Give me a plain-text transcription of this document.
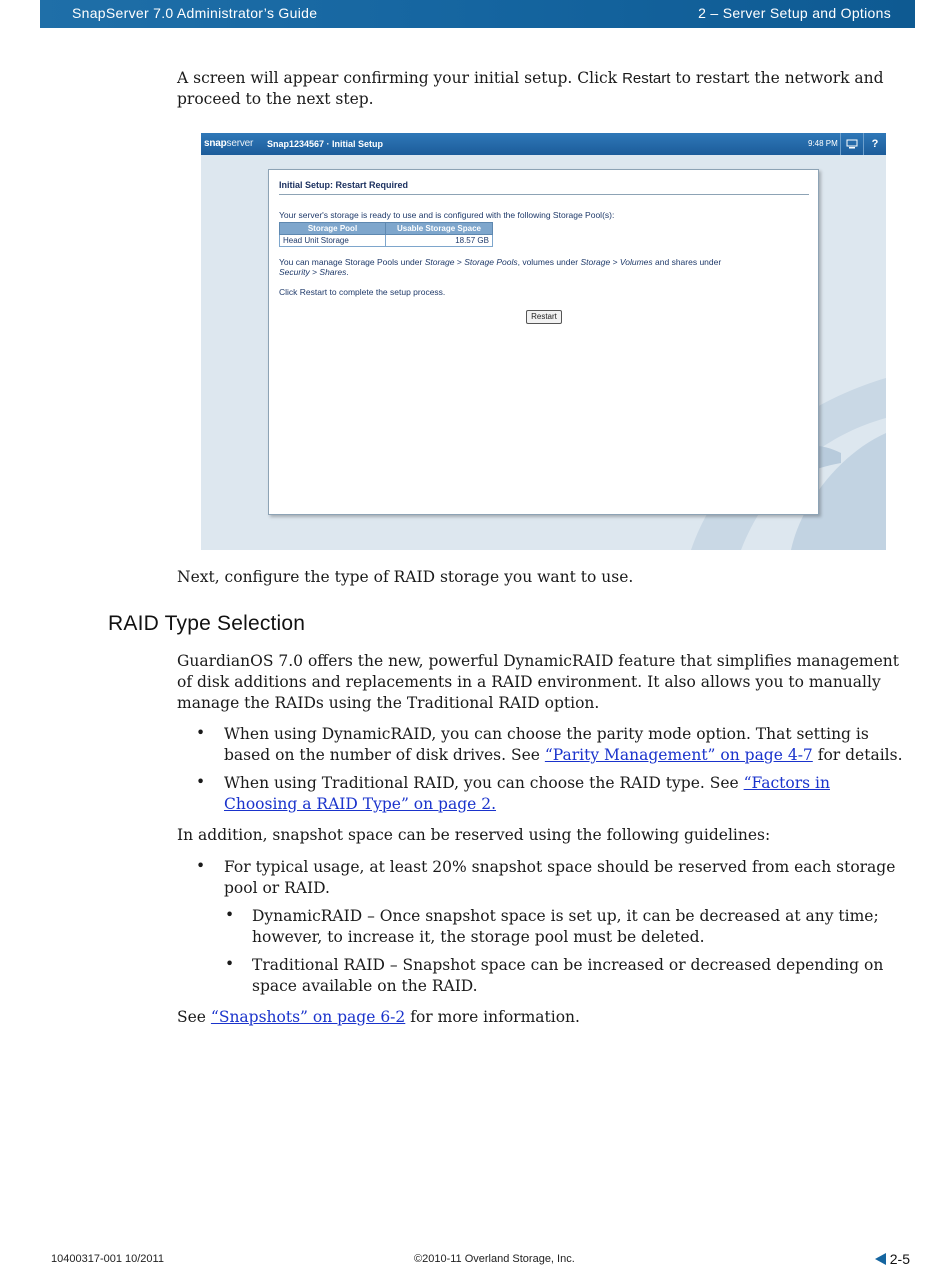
SnapServer 7.0 Administrator’s Guide	2 – Server Setup and Options
A screen will appear confirming your initial setup. Click Restart to restart the network and
proceed to the next step.
snapserver Snap1234567 · Initial Setup	9:48 PM	?
Initial Setup: Restart Required
Your server's storage is ready to use and is configured with the following Storage Pool(s):
Storage Pool	Usable Storage Space
Head Unit Storage	18.57 GB
You can manage Storage Pools under Storage > Storage Pools, volumes under Storage > Volumes and shares under
Security > Shares.
Click Restart to complete the setup process.
Restart
Next, configure the type of RAID storage you want to use.
RAID Type Selection
GuardianOS 7.0 offers the new, powerful DynamicRAID feature that simplifies management
of disk additions and replacements in a RAID environment. It also allows you to manually
manage the RAIDs using the Traditional RAID option.
• When using DynamicRAID, you can choose the parity mode option. That setting is
based on the number of disk drives. See “Parity Management” on page 4-7 for details.
• When using Traditional RAID, you can choose the RAID type. See “Factors in
Choosing a RAID Type” on page 2.
In addition, snapshot space can be reserved using the following guidelines:
• For typical usage, at least 20% snapshot space should be reserved from each storage
pool or RAID.
• DynamicRAID – Once snapshot space is set up, it can be decreased at any time;
however, to increase it, the storage pool must be deleted.
• Traditional RAID – Snapshot space can be increased or decreased depending on
space available on the RAID.
See “Snapshots” on page 6-2 for more information.
10400317-001 10/2011	©2010-11 Overland Storage, Inc.	2-5
